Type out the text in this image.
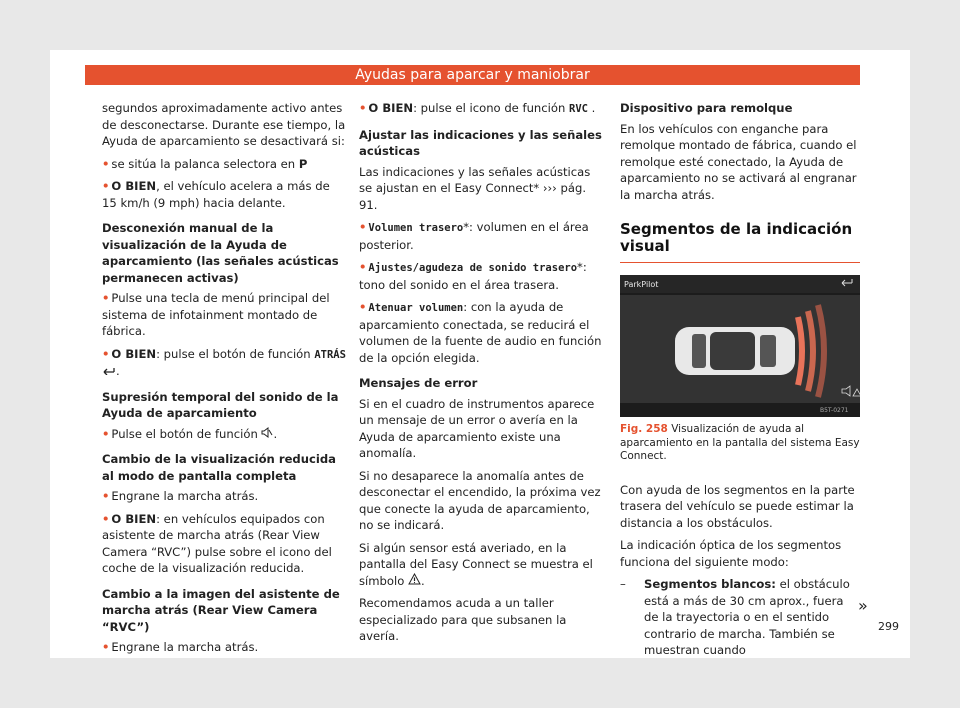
Ayudas para aparcar y maniobrar

segundos aproximadamente activo antes de desconectarse. Durante ese tiempo, la Ayuda de aparcamiento se desactivará si:

• se sitúa la palanca selectora en P
• O BIEN, el vehículo acelera a más de 15 km/h (9 mph) hacia delante.
Desconexión manual de la visualización de la Ayuda de aparcamiento (las señales acústicas permanecen activas)
• Pulse una tecla de menú principal del sistema de infotainment montado de fábrica.
• O BIEN: pulse el botón de función ATRÁS
.
Supresión temporal del sonido de la Ayuda de aparcamiento
• Pulse el botón de función .
Cambio de la visualización reducida al modo de pantalla completa
• Engrane la marcha atrás.
• O BIEN: en vehículos equipados con asistente de marcha atrás (Rear View Camera “RVC”) pulse sobre el icono del coche de la visualización reducida.
Cambio a la imagen del asistente de marcha atrás (Rear View Camera “RVC”)
• Engrane la marcha atrás.
• O BIEN: pulse el icono de función RVC .
Ajustar las indicaciones y las señales acústicas

Las indicaciones y las señales acústicas se ajustan en el Easy Connect* ››› pág. 91.

• Volumen trasero*: volumen en el área posterior.
• Ajustes/agudeza de sonido trasero*: tono del sonido en el área trasera.
• Atenuar volumen: con la ayuda de aparcamiento conectada, se reducirá el volumen de la fuente de audio en función de la opción elegida.
Mensajes de error

Si en el cuadro de instrumentos aparece un mensaje de un error o avería en la Ayuda de aparcamiento existe una anomalía.

Si no desaparece la anomalía antes de desconectar el encendido, la próxima vez que conecte la ayuda de aparcamiento, no se indicará.

Si algún sensor está averiado, en la pantalla del Easy Connect se muestra el símbolo .

Recomendamos acuda a un taller especializado para que subsanen la avería.

Dispositivo para remolque

En los vehículos con enganche para remolque montado de fábrica, cuando el remolque esté conectado, la Ayuda de aparcamiento no se activará al engranar la marcha atrás.

Segmentos de la indicación visual
ParkPilot
B5T-0271
Fig. 258 Visualización de ayuda al aparcamiento en la pantalla del sistema Easy Connect.

Con ayuda de los segmentos en la parte trasera del vehículo se puede estimar la distancia a los obstáculos.

La indicación óptica de los segmentos funciona del siguiente modo:

–	Segmentos blancos: el obstáculo está a más de 30 cm aprox., fuera de la trayectoria o en el sentido contrario de marcha. También se muestran cuando
»
299
